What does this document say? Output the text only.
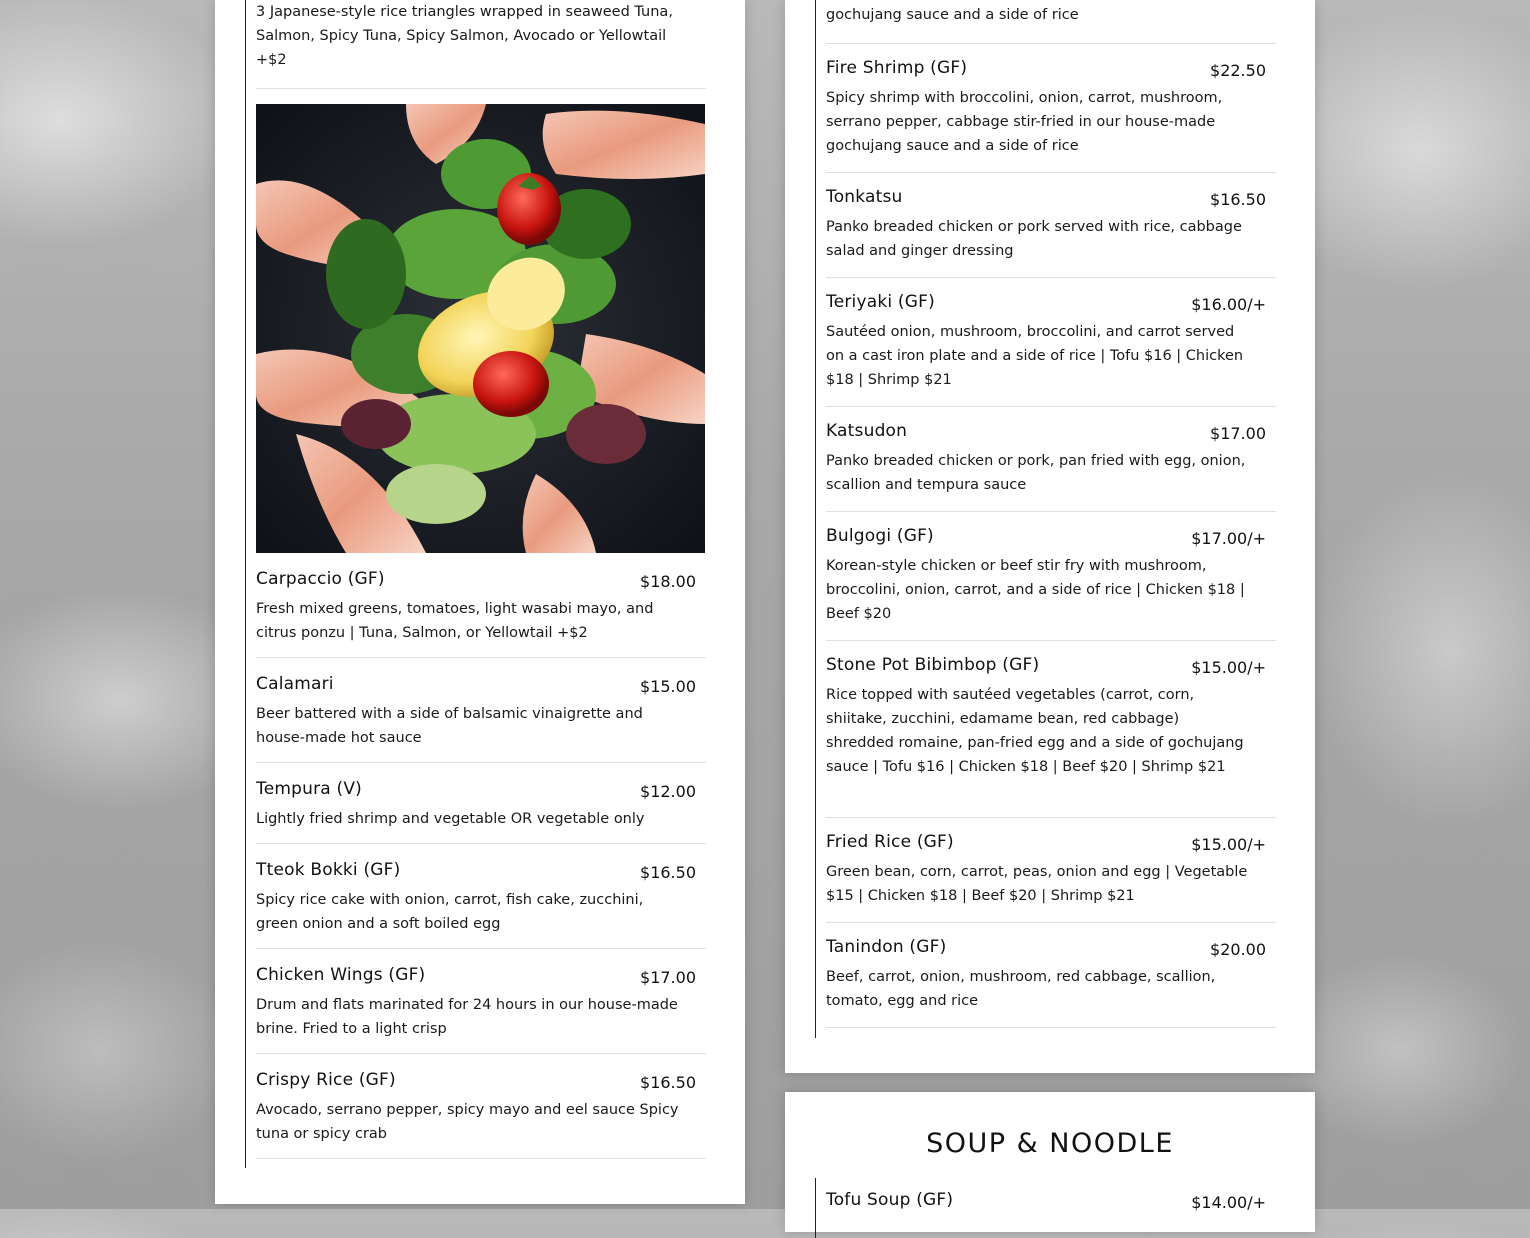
3 Japanese-style rice triangles wrapped in seaweed Tuna, Salmon, Spicy Tuna, Spicy Salmon, Avocado or Yellowtail +$2
Carpaccio (GF)	$18.00
Fresh mixed greens, tomatoes, light wasabi mayo, and citrus ponzu | Tuna, Salmon, or Yellowtail +$2
Calamari	$15.00
Beer battered with a side of balsamic vinaigrette and house-made hot sauce
Tempura (V)	$12.00
Lightly fried shrimp and vegetable OR vegetable only
Tteok Bokki (GF)	$16.50
Spicy rice cake with onion, carrot, fish cake, zucchini, green onion and a soft boiled egg
Chicken Wings (GF)	$17.00
Drum and flats marinated for 24 hours in our house-made brine. Fried to a light crisp
Crispy Rice (GF)	$16.50
Avocado, serrano pepper, spicy mayo and eel sauce Spicy tuna or spicy crab
gochujang sauce and a side of rice
Fire Shrimp (GF)	$22.50
Spicy shrimp with broccolini, onion, carrot, mushroom, serrano pepper, cabbage stir-fried in our house-made gochujang sauce and a side of rice
Tonkatsu	$16.50
Panko breaded chicken or pork served with rice, cabbage salad and ginger dressing
Teriyaki (GF)	$16.00/+
Sautéed onion, mushroom, broccolini, and carrot served on a cast iron plate and a side of rice | Tofu $16 | Chicken $18 | Shrimp $21
Katsudon	$17.00
Panko breaded chicken or pork, pan fried with egg, onion, scallion and tempura sauce
Bulgogi (GF)	$17.00/+
Korean-style chicken or beef stir fry with mushroom, broccolini, onion, carrot, and a side of rice | Chicken $18 | Beef $20
Stone Pot Bibimbop (GF)	$15.00/+
Rice topped with sautéed vegetables (carrot, corn, shiitake, zucchini, edamame bean, red cabbage) shredded romaine, pan-fried egg and a side of gochujang sauce | Tofu $16 | Chicken $18 | Beef $20 | Shrimp $21
Fried Rice (GF)	$15.00/+
Green bean, corn, carrot, peas, onion and egg | Vegetable $15 | Chicken $18 | Beef $20 | Shrimp $21
Tanindon (GF)	$20.00
Beef, carrot, onion, mushroom, red cabbage, scallion, tomato, egg and rice
SOUP & NOODLE
Tofu Soup (GF)	$14.00/+
